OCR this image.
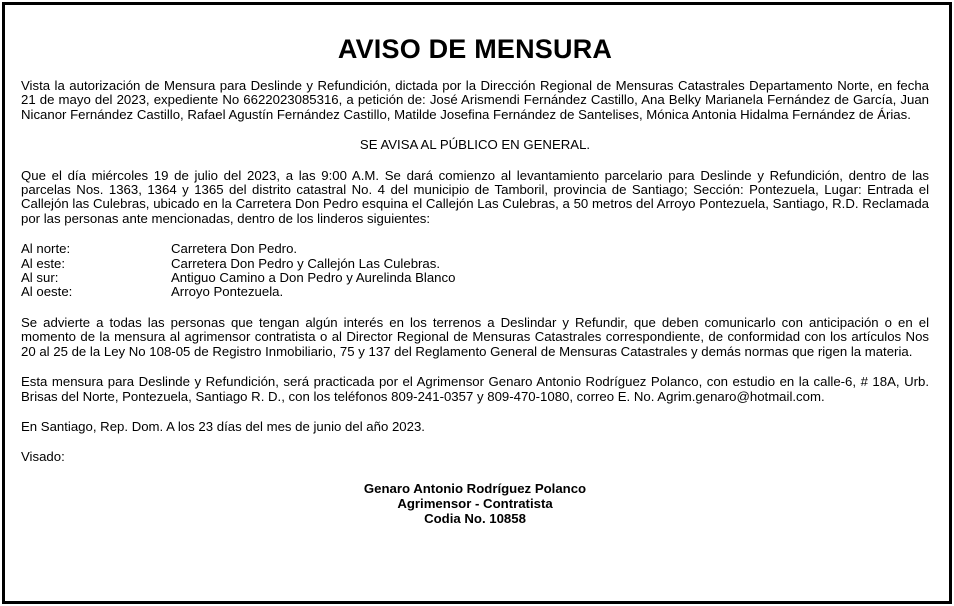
AVISO DE MENSURA

Vista la autorización de Mensura para Deslinde y Refundición, dictada por la Dirección Regional de Mensuras Catastrales Departamento Norte, en fecha 21 de mayo del 2023, expediente No 6622023085316, a petición de: José Arismendi Fernández Castillo, Ana Belky Marianela Fernández de García, Juan Nicanor Fernández Castillo, Rafael Agustín Fernández Castillo, Matilde Josefina Fernández de Santelises, Mónica Antonia Hidalma Fernández de Árias.

SE AVISA AL PÚBLICO EN GENERAL.

Que el día miércoles 19 de julio del 2023, a las 9:00 A.M. Se dará comienzo al levantamiento parcelario para Deslinde y Refundición, dentro de las parcelas Nos. 1363, 1364 y 1365 del distrito catastral No. 4 del municipio de Tamboril, provincia de Santiago; Sección: Pontezuela, Lugar: Entrada el Callejón las Culebras, ubicado en la Carretera Don Pedro esquina el Callejón Las Culebras, a 50 metros del Arroyo Pontezuela, Santiago, R.D. Reclamada por las personas ante mencionadas, dentro de los linderos siguientes:

Al norte:	Carretera Don Pedro.
Al este:	Carretera Don Pedro y Callejón Las Culebras.
Al sur:	Antiguo Camino a Don Pedro y Aurelinda Blanco
Al oeste:	Arroyo Pontezuela.

Se advierte a todas las personas que tengan algún interés en los terrenos a Deslindar y Refundir, que deben comunicarlo con anticipación o en el momento de la mensura al agrimensor contratista o al Director Regional de Mensuras Catastrales correspondiente, de conformidad con los artículos Nos 20 al 25 de la Ley No 108-05 de Registro Inmobiliario, 75 y 137 del Reglamento General de Mensuras Catastrales y demás normas que rigen la materia.

Esta mensura para Deslinde y Refundición, será practicada por el Agrimensor Genaro Antonio Rodríguez Polanco, con estudio en la calle-6, # 18A, Urb. Brisas del Norte, Pontezuela, Santiago R. D., con los teléfonos 809-241-0357 y 809-470-1080, correo E. No. Agrim.genaro@hotmail.com.

En Santiago, Rep. Dom. A los 23 días del mes de junio del año 2023.

Visado:

Genaro Antonio Rodríguez Polanco
Agrimensor - Contratista
Codia No. 10858
